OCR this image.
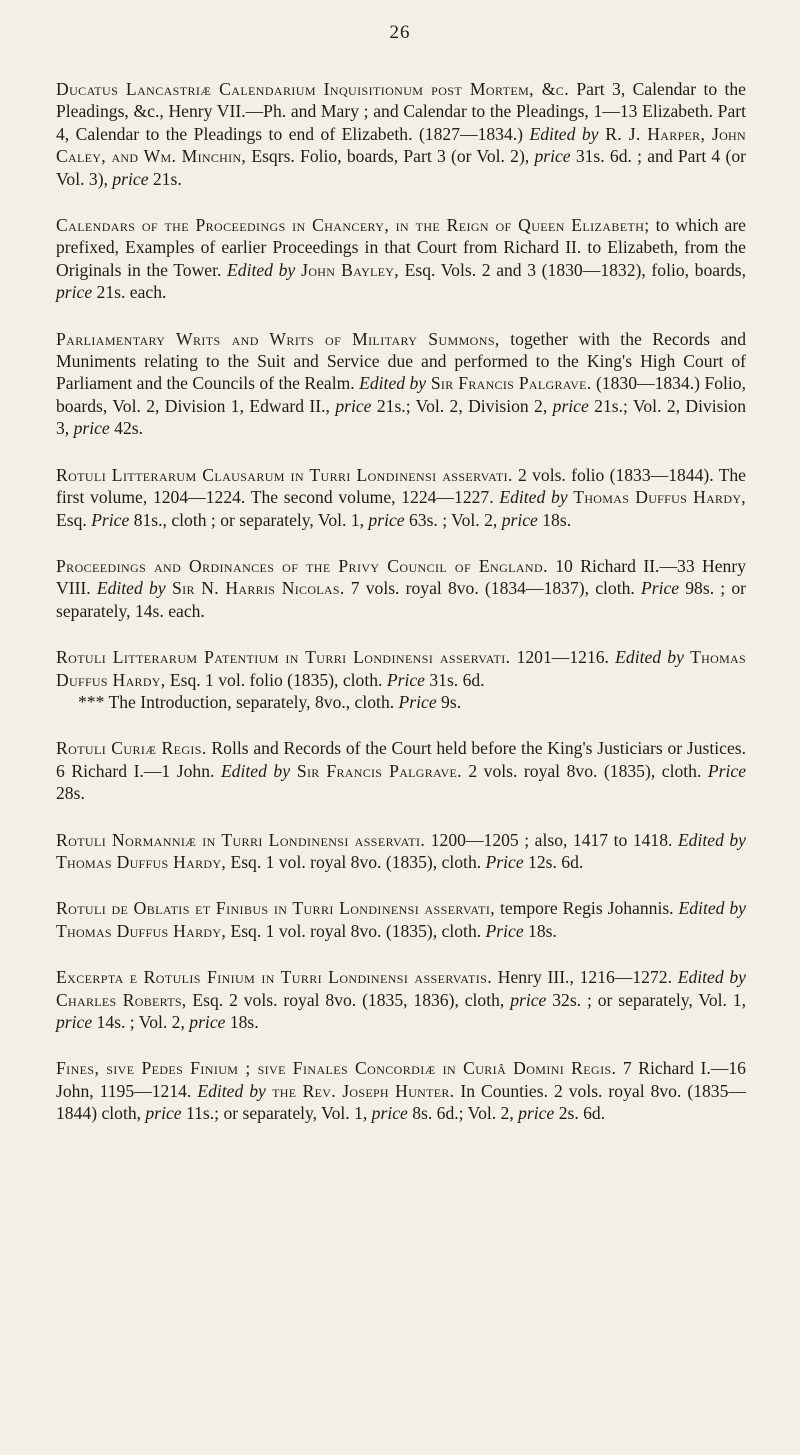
26

Ducatus Lancastriæ Calendarium Inquisitionum post Mortem, &c. Part 3, Calendar to the Pleadings, &c., Henry VII.—Ph. and Mary ; and Calendar to the Pleadings, 1—13 Elizabeth. Part 4, Calendar to the Pleadings to end of Elizabeth. (1827—1834.) Edited by R. J. Harper, John Caley, and Wm. Minchin, Esqrs. Folio, boards, Part 3 (or Vol. 2), price 31s. 6d. ; and Part 4 (or Vol. 3), price 21s.

Calendars of the Proceedings in Chancery, in the Reign of Queen Elizabeth; to which are prefixed, Examples of earlier Proceedings in that Court from Richard II. to Elizabeth, from the Originals in the Tower. Edited by John Bayley, Esq. Vols. 2 and 3 (1830—1832), folio, boards, price 21s. each.

Parliamentary Writs and Writs of Military Summons, together with the Records and Muniments relating to the Suit and Service due and performed to the King's High Court of Parliament and the Councils of the Realm. Edited by Sir Francis Palgrave. (1830—1834.) Folio, boards, Vol. 2, Division 1, Edward II., price 21s.; Vol. 2, Division 2, price 21s.; Vol. 2, Division 3, price 42s.

Rotuli Litterarum Clausarum in Turri Londinensi asservati. 2 vols. folio (1833—1844). The first volume, 1204—1224. The second volume, 1224—1227. Edited by Thomas Duffus Hardy, Esq. Price 81s., cloth ; or separately, Vol. 1, price 63s. ; Vol. 2, price 18s.

Proceedings and Ordinances of the Privy Council of England. 10 Richard II.—33 Henry VIII. Edited by Sir N. Harris Nicolas. 7 vols. royal 8vo. (1834—1837), cloth. Price 98s. ; or separately, 14s. each.

Rotuli Litterarum Patentium in Turri Londinensi asservati. 1201—1216. Edited by Thomas Duffus Hardy, Esq. 1 vol. folio (1835), cloth. Price 31s. 6d.
*** The Introduction, separately, 8vo., cloth. Price 9s.

Rotuli Curiæ Regis. Rolls and Records of the Court held before the King's Justiciars or Justices. 6 Richard I.—1 John. Edited by Sir Francis Palgrave. 2 vols. royal 8vo. (1835), cloth. Price 28s.

Rotuli Normanniæ in Turri Londinensi asservati. 1200—1205 ; also, 1417 to 1418. Edited by Thomas Duffus Hardy, Esq. 1 vol. royal 8vo. (1835), cloth. Price 12s. 6d.

Rotuli de Oblatis et Finibus in Turri Londinensi asservati, tempore Regis Johannis. Edited by Thomas Duffus Hardy, Esq. 1 vol. royal 8vo. (1835), cloth. Price 18s.

Excerpta e Rotulis Finium in Turri Londinensi asservatis. Henry III., 1216—1272. Edited by Charles Roberts, Esq. 2 vols. royal 8vo. (1835, 1836), cloth, price 32s. ; or separately, Vol. 1, price 14s. ; Vol. 2, price 18s.

Fines, sive Pedes Finium ; sive Finales Concordiæ in Curiâ Domini Regis. 7 Richard I.—16 John, 1195—1214. Edited by the Rev. Joseph Hunter. In Counties. 2 vols. royal 8vo. (1835—1844) cloth, price 11s.; or separately, Vol. 1, price 8s. 6d.; Vol. 2, price 2s. 6d.
